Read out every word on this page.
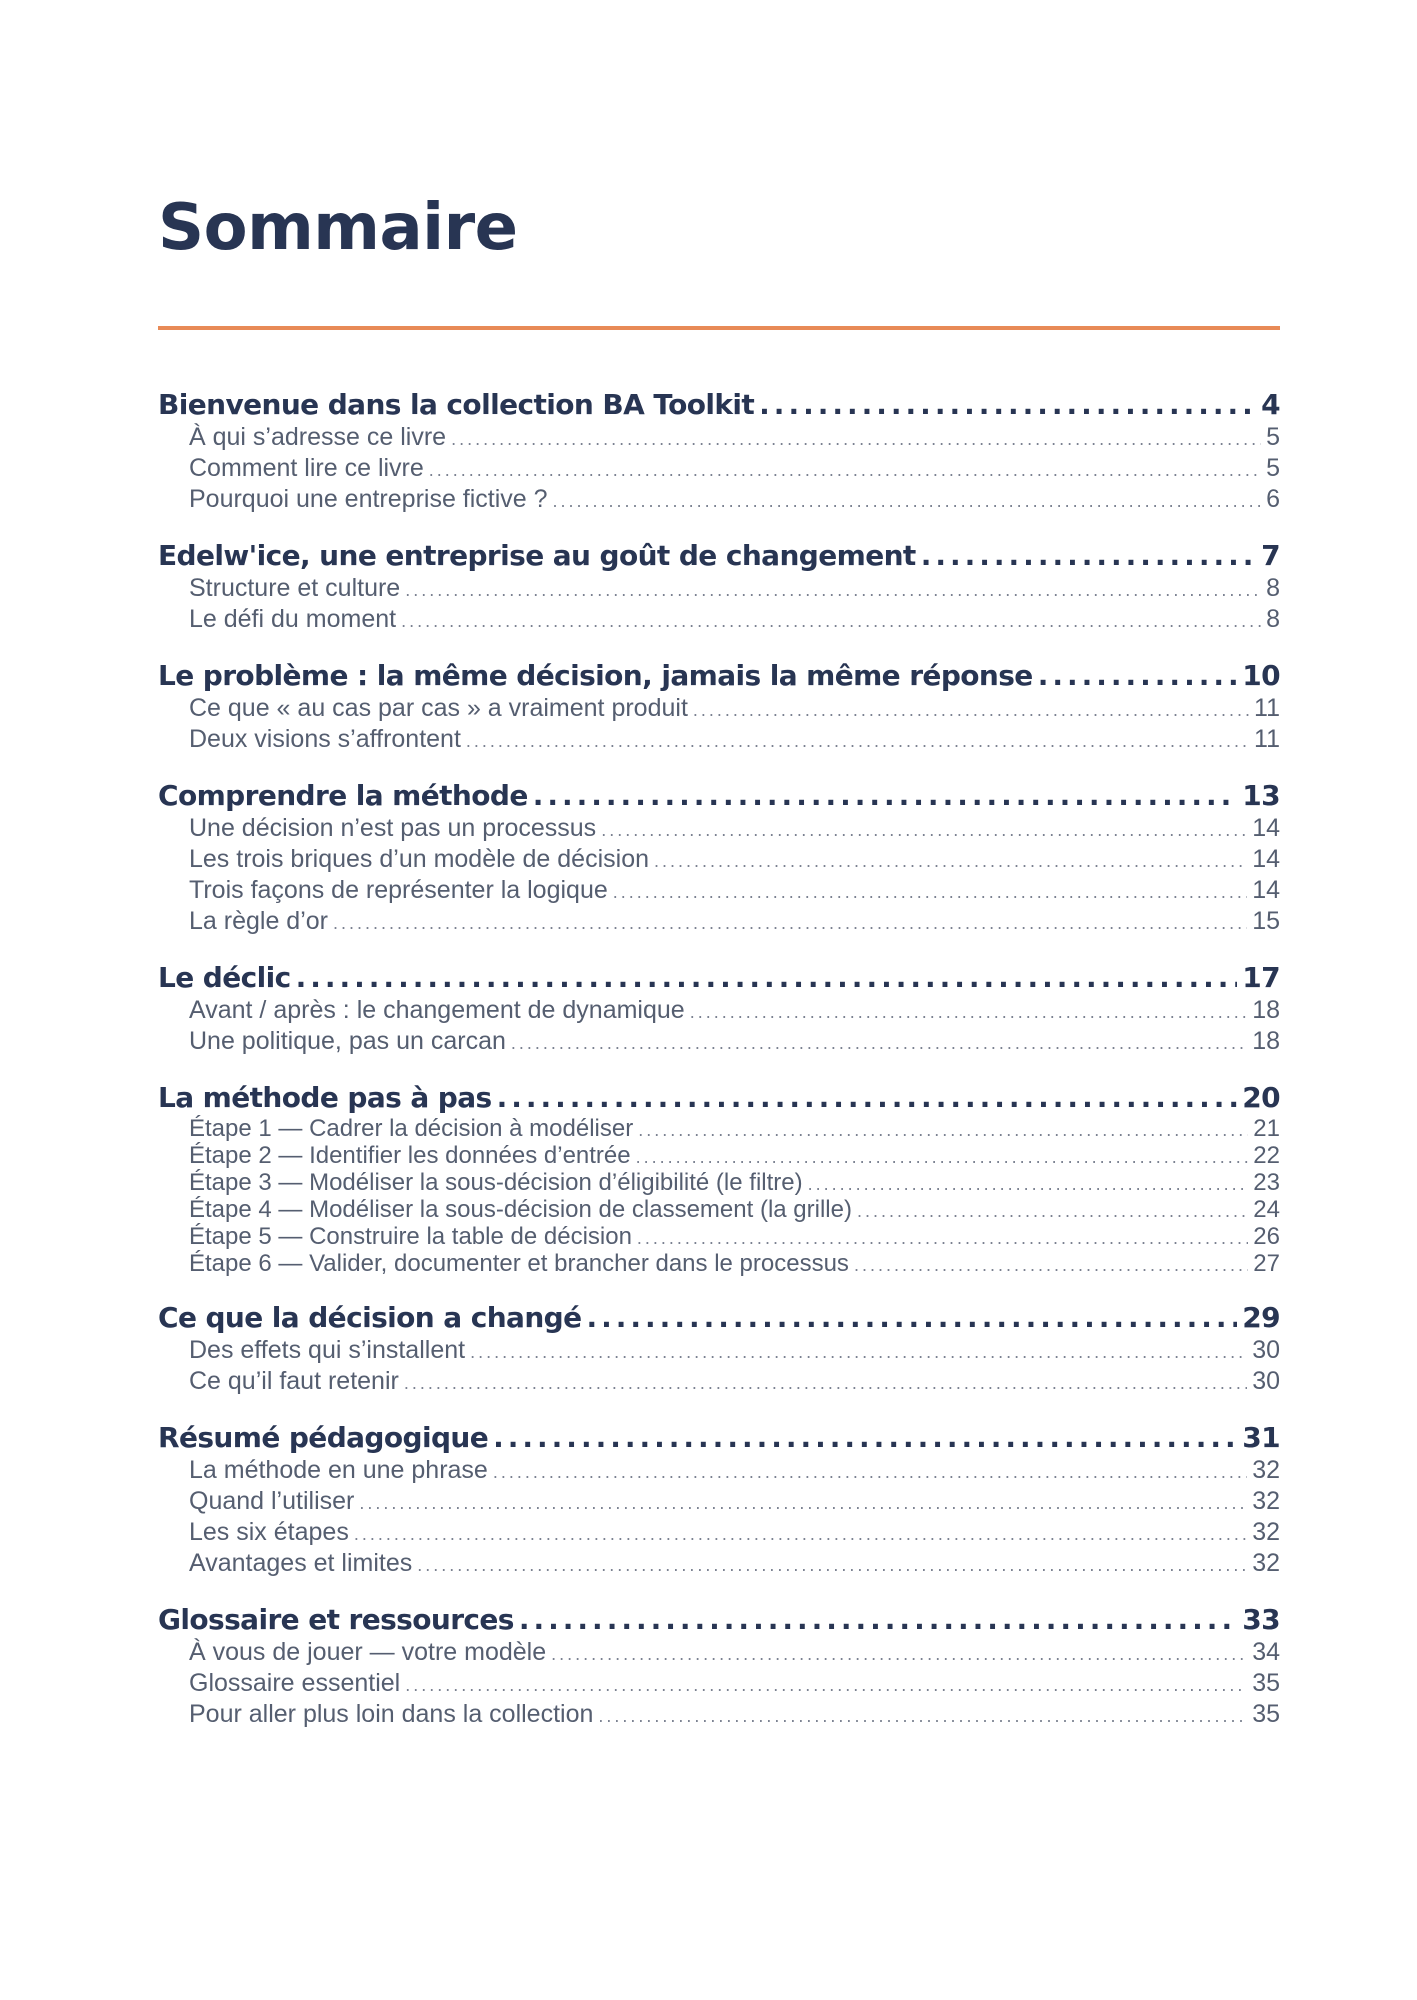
Sommaire
Bienvenue dans la collection BA Toolkit .....	4
À qui s’adresse ce livre .....	5
Comment lire ce livre .....	5
Pourquoi une entreprise fictive ? .....	6
Edelw'ice, une entreprise au goût de changement .....	7
Structure et culture .....	8
Le défi du moment .....	8
Le problème : la même décision, jamais la même réponse .....	10
Ce que « au cas par cas » a vraiment produit .....	11
Deux visions s’affrontent .....	11
Comprendre la méthode .....	13
Une décision n’est pas un processus .....	14
Les trois briques d’un modèle de décision .....	14
Trois façons de représenter la logique .....	14
La règle d’or .....	15
Le déclic .....	17
Avant / après : le changement de dynamique .....	18
Une politique, pas un carcan .....	18
La méthode pas à pas .....	20
Étape 1 — Cadrer la décision à modéliser .....	21
Étape 2 — Identifier les données d’entrée .....	22
Étape 3 — Modéliser la sous-décision d’éligibilité (le filtre) .....	23
Étape 4 — Modéliser la sous-décision de classement (la grille) .....	24
Étape 5 — Construire la table de décision .....	26
Étape 6 — Valider, documenter et brancher dans le processus .....	27
Ce que la décision a changé .....	29
Des effets qui s’installent .....	30
Ce qu’il faut retenir .....	30
Résumé pédagogique .....	31
La méthode en une phrase .....	32
Quand l’utiliser .....	32
Les six étapes .....	32
Avantages et limites .....	32
Glossaire et ressources .....	33
À vous de jouer — votre modèle .....	34
Glossaire essentiel .....	35
Pour aller plus loin dans la collection .....	35
